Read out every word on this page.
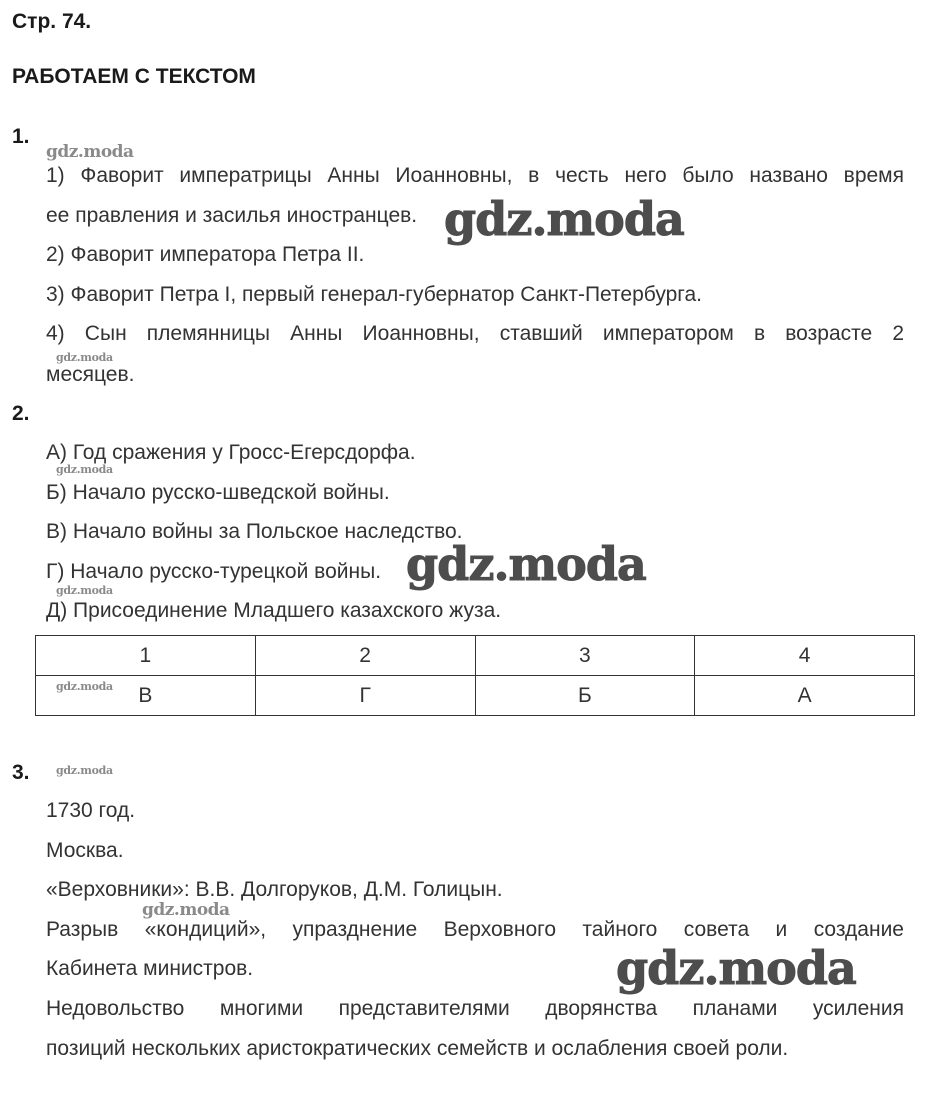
Стр. 74.
РАБОТАЕМ С ТЕКСТОМ
1.
gdz.moda
1) Фаворит императрицы Анны Иоанновны, в честь него было названо время
ее правления и засилья иностранцев. gdz.moda
2) Фаворит императора Петра II.
3) Фаворит Петра I, первый генерал-губернатор Санкт-Петербурга.
4) Сын племянницы Анны Иоанновны, ставший императором в возрасте 2
gdz.moda
месяцев.
2.
А) Год сражения у Гросс-Егерсдорфа.
gdz.moda
Б) Начало русско-шведской войны.
В) Начало войны за Польское наследство.
Г) Начало русско-турецкой войны. gdz.moda
gdz.moda
Д) Присоединение Младшего казахского жуза.
1	2	3	4
В	Г	Б	А
gdz.moda
3. gdz.moda
1730 год.
Москва.
«Верховники»: В.В. Долгоруков, Д.М. Голицын.
gdz.moda
Разрыв «кондиций», упразднение Верховного тайного совета и создание
Кабинета министров.	gdz.moda
Недовольство многими представителями дворянства планами усиления
позиций нескольких аристократических семейств и ослабления своей роли.
